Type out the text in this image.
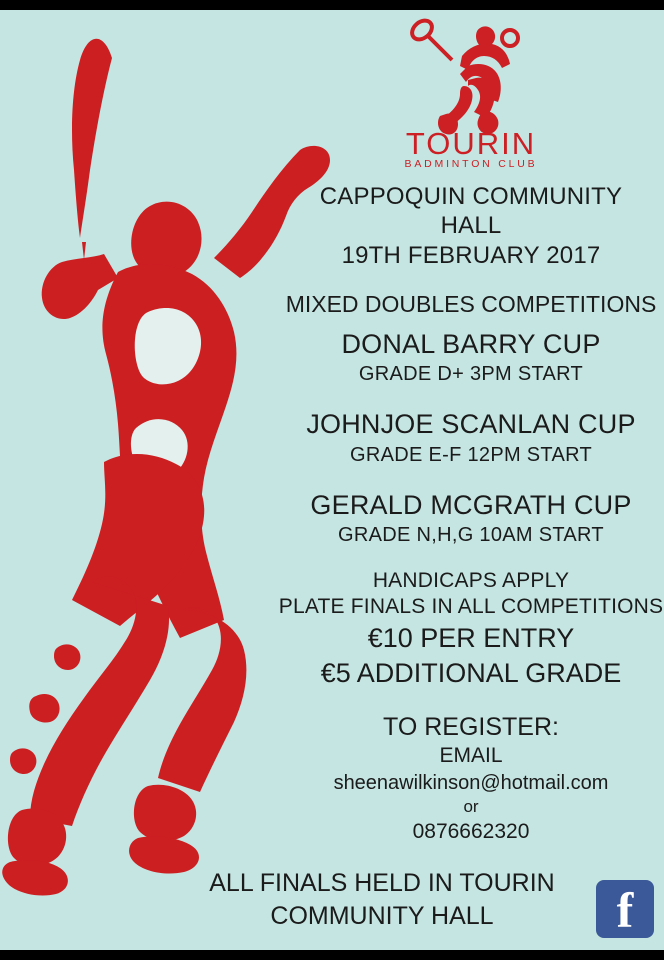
TOURIN
BADMINTON CLUB
CAPPOQUIN COMMUNITY
HALL
19TH FEBRUARY 2017
MIXED DOUBLES COMPETITIONS
DONAL BARRY CUP
GRADE D+ 3PM START
JOHNJOE SCANLAN CUP
GRADE E-F 12PM START
GERALD MCGRATH CUP
GRADE N,H,G 10AM START
HANDICAPS APPLY
PLATE FINALS IN ALL COMPETITIONS
€10 PER ENTRY
€5 ADDITIONAL GRADE
TO REGISTER:
EMAIL
sheenawilkinson@hotmail.com
or
0876662320
ALL FINALS HELD IN TOURIN
COMMUNITY HALL	f
